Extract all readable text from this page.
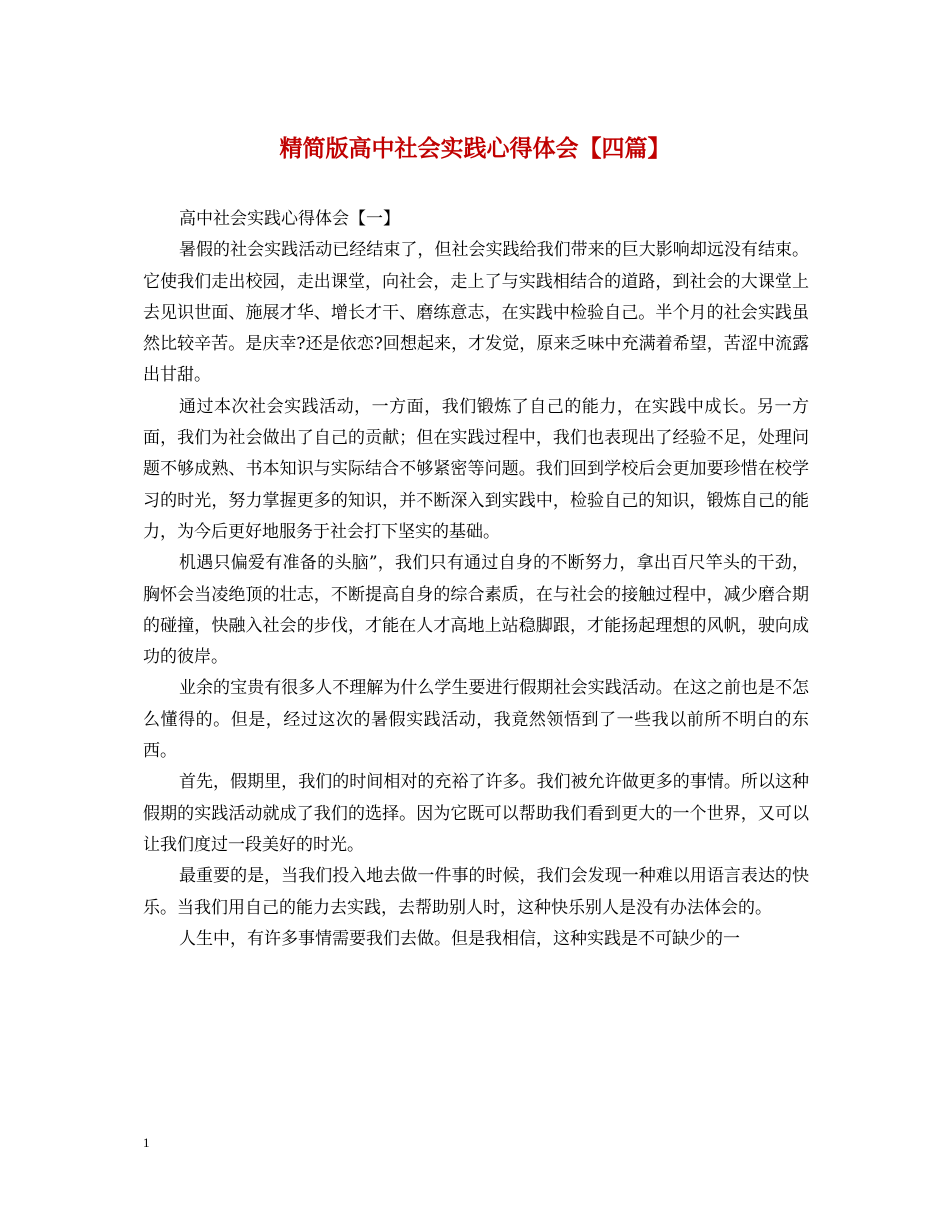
精简版高中社会实践心得体会【四篇】

高中社会实践心得体会【一】

暑假的社会实践活动已经结束了，但社会实践给我们带来的巨大影响却远没有结束。它使我们走出校园，走出课堂，向社会，走上了与实践相结合的道路，到社会的大课堂上去见识世面、施展才华、增长才干、磨练意志，在实践中检验自己。半个月的社会实践虽然比较辛苦。是庆幸?还是依恋?回想起来，才发觉，原来乏味中充满着希望，苦涩中流露出甘甜。

通过本次社会实践活动，一方面，我们锻炼了自己的能力，在实践中成长。另一方面，我们为社会做出了自己的贡献；但在实践过程中，我们也表现出了经验不足，处理问题不够成熟、书本知识与实际结合不够紧密等问题。我们回到学校后会更加要珍惜在校学习的时光，努力掌握更多的知识，并不断深入到实践中，检验自己的知识，锻炼自己的能力，为今后更好地服务于社会打下坚实的基础。

机遇只偏爱有准备的头脑”，我们只有通过自身的不断努力，拿出百尺竿头的干劲，胸怀会当凌绝顶的壮志，不断提高自身的综合素质，在与社会的接触过程中，减少磨合期的碰撞，快融入社会的步伐，才能在人才高地上站稳脚跟，才能扬起理想的风帆，驶向成功的彼岸。

业余的宝贵有很多人不理解为什么学生要进行假期社会实践活动。在这之前也是不怎么懂得的。但是，经过这次的暑假实践活动，我竟然领悟到了一些我以前所不明白的东西。

首先，假期里，我们的时间相对的充裕了许多。我们被允许做更多的事情。所以这种假期的实践活动就成了我们的选择。因为它既可以帮助我们看到更大的一个世界，又可以让我们度过一段美好的时光。

最重要的是，当我们投入地去做一件事的时候，我们会发现一种难以用语言表达的快乐。当我们用自己的能力去实践，去帮助别人时，这种快乐别人是没有办法体会的。

人生中，有许多事情需要我们去做。但是我相信，这种实践是不可缺少的一

1
